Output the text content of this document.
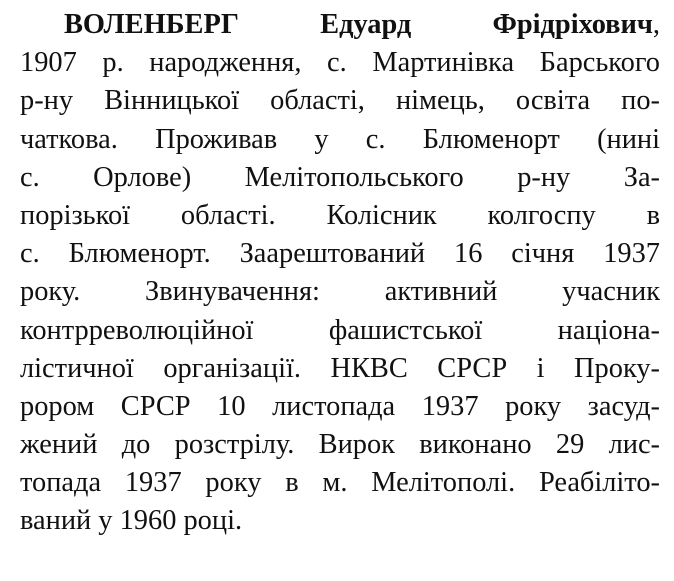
ВОЛЕНБЕРГ	Едуард Фрідріхович,
1907 р. народження, с. Мартинівка Барського
р-ну Вінницької області, німець, освіта по-
чаткова. Проживав у с. Блюменорт (нині
с. Орлове) Мелітопольського р-ну За-
порізької області. Колісник колгоспу в
с. Блюменорт. Заарештований 16 січня 1937
року. Звинувачення: активний учасник
контрреволюційної фашистської націона-
лістичної організації. НКВС СРСР і Проку-
рором СРСР 10 листопада 1937 року засуд-
жений до розстрілу. Вирок виконано 29 лис-
топада 1937 року в м. Мелітополі. Реабіліто-
ваний у 1960 році.
